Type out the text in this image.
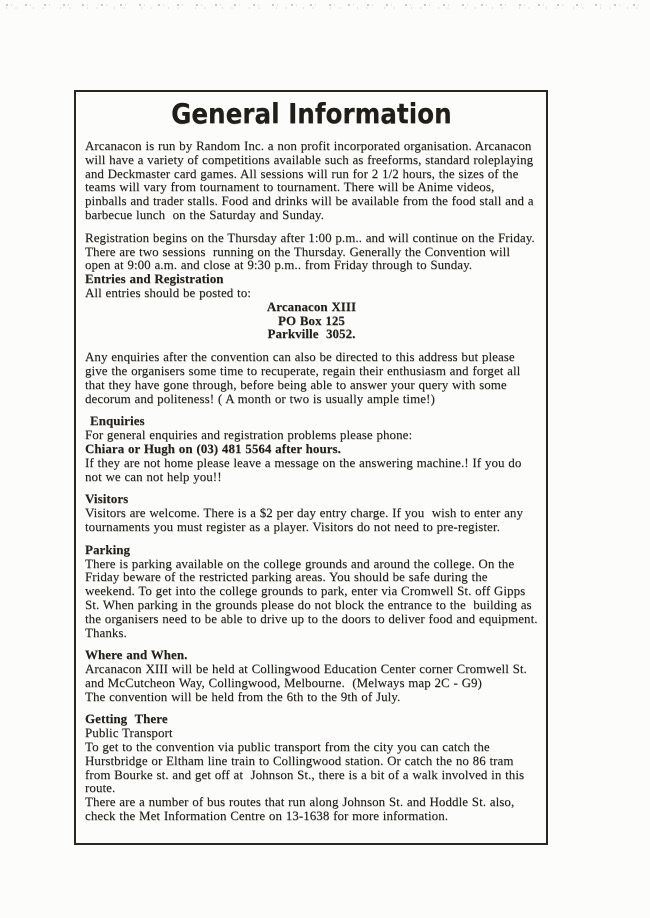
General Information

Arcanacon is run by Random Inc. a non profit incorporated organisation. Arcanacon will have a variety of competitions available such as freeforms, standard roleplaying and Deckmaster card games. All sessions will run for 2 1/2 hours, the sizes of the teams will vary from tournament to tournament. There will be Anime videos, pinballs and trader stalls. Food and drinks will be available from the food stall and a barbecue lunch  on the Saturday and Sunday.

Registration begins on the Thursday after 1:00 p.m.. and will continue on the Friday. There are two sessions  running on the Thursday. Generally the Convention will open at 9:00 a.m. and close at 9:30 p.m.. from Friday through to Sunday.

Entries and Registration
All entries should be posted to:
Arcanacon XIII
PO Box 125
Parkville  3052.

Any enquiries after the convention can also be directed to this address but please give the organisers some time to recuperate, regain their enthusiasm and forget all that they have gone through, before being able to answer your query with some decorum and politeness! ( A month or two is usually ample time!)

Enquiries
For general enquiries and registration problems please phone:
Chiara or Hugh on (03) 481 5564 after hours.
If they are not home please leave a message on the answering machine.! If you do not we can not help you!!
Visitors

Visitors are welcome. There is a $2 per day entry charge. If you  wish to enter any tournaments you must register as a player. Visitors do not need to pre-register.

Parking

There is parking available on the college grounds and around the college. On the Friday beware of the restricted parking areas. You should be safe during the weekend. To get into the college grounds to park, enter via Cromwell St. off Gipps St. When parking in the grounds please do not block the entrance to the  building as the organisers need to be able to drive up to the doors to deliver food and equipment. Thanks.

Where and When.

Arcanacon XIII will be held at Collingwood Education Center corner Cromwell St. and McCutcheon Way, Collingwood, Melbourne.  (Melways map 2C - G9)

The convention will be held from the 6th to the 9th of July.
Getting  There
Public Transport

To get to the convention via public transport from the city you can catch the Hurstbridge or Eltham line train to Collingwood station. Or catch the no 86 tram from Bourke st. and get off at  Johnson St., there is a bit of a walk involved in this route.

There are a number of bus routes that run along Johnson St. and Hoddle St. also, check the Met Information Centre on 13-1638 for more information.
